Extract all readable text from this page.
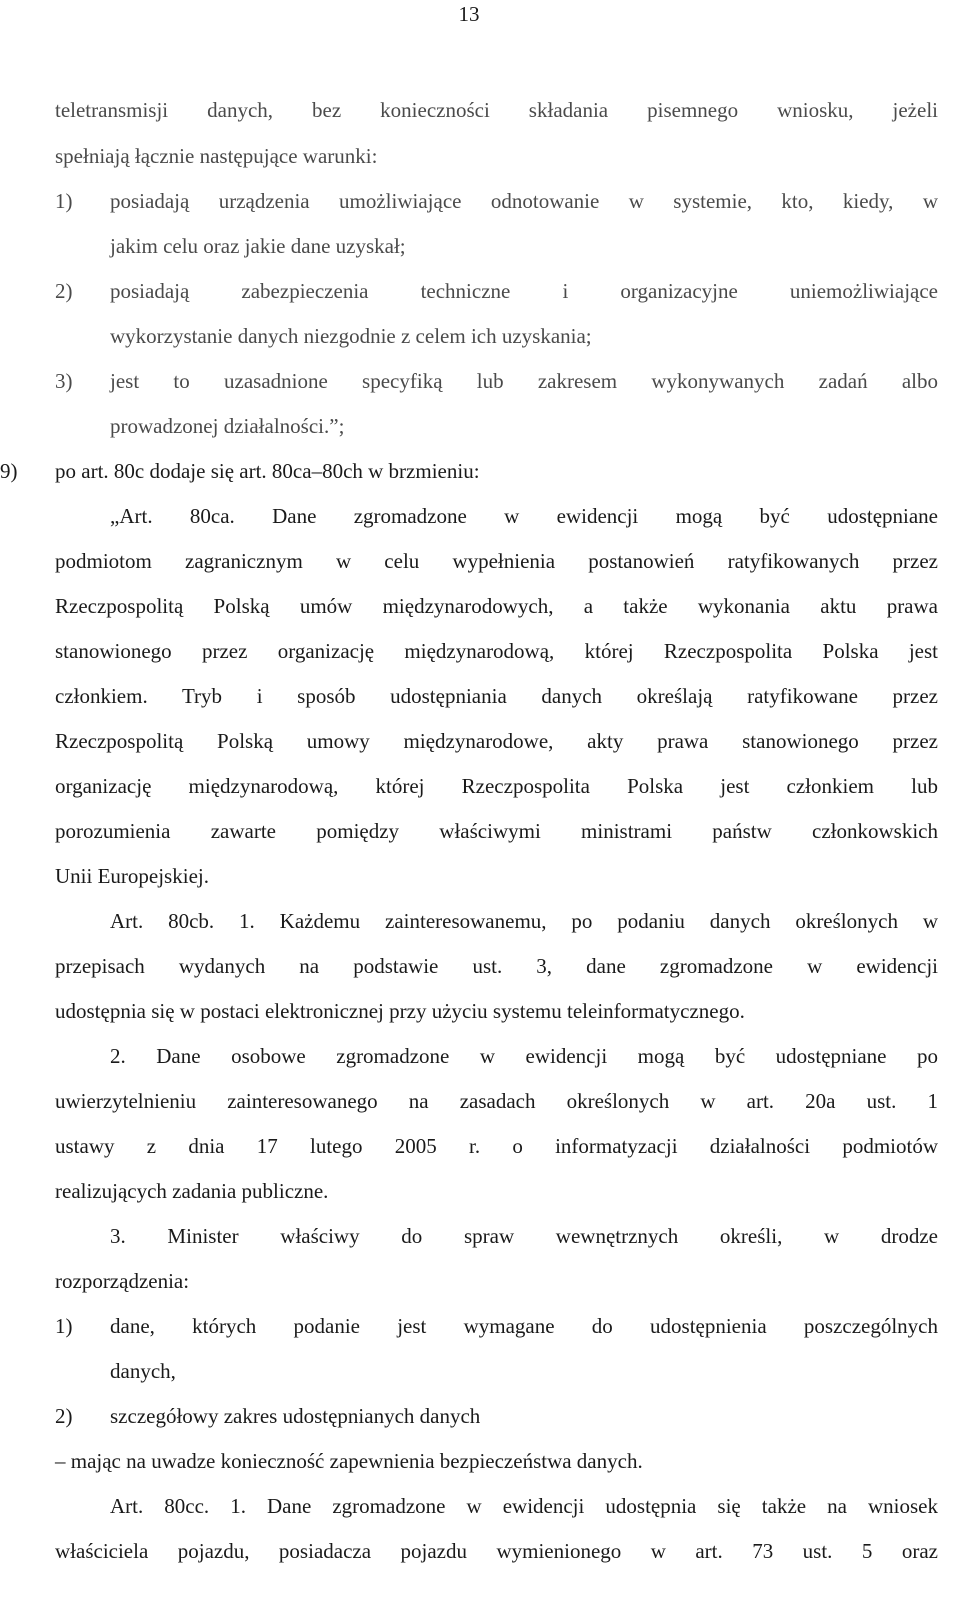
13
teletransmisji danych, bez konieczności składania pisemnego wniosku, jeżeli
spełniają łącznie następujące warunki:
1) posiadają urządzenia umożliwiające odnotowanie w systemie, kto, kiedy, w
jakim celu oraz jakie dane uzyskał;
2) posiadają zabezpieczenia techniczne i organizacyjne uniemożliwiające
wykorzystanie danych niezgodnie z celem ich uzyskania;
3) jest to uzasadnione specyfiką lub zakresem wykonywanych zadań albo
prowadzonej działalności.”;
9) po art. 80c dodaje się art. 80ca–80ch w brzmieniu:
„Art. 80ca. Dane zgromadzone w ewidencji mogą być udostępniane
podmiotom zagranicznym w celu wypełnienia postanowień ratyfikowanych przez
Rzeczpospolitą Polską umów międzynarodowych, a także wykonania aktu prawa
stanowionego przez organizację międzynarodową, której Rzeczpospolita Polska jest
członkiem. Tryb i sposób udostępniania danych określają ratyfikowane przez
Rzeczpospolitą Polską umowy międzynarodowe, akty prawa stanowionego przez
organizację międzynarodową, której Rzeczpospolita Polska jest członkiem lub
porozumienia zawarte pomiędzy właściwymi ministrami państw członkowskich
Unii Europejskiej.
Art. 80cb. 1. Każdemu zainteresowanemu, po podaniu danych określonych w
przepisach wydanych na podstawie ust. 3, dane zgromadzone w ewidencji
udostępnia się w postaci elektronicznej przy użyciu systemu teleinformatycznego.
2. Dane osobowe zgromadzone w ewidencji mogą być udostępniane po
uwierzytelnieniu zainteresowanego na zasadach określonych w art. 20a ust. 1
ustawy z dnia 17 lutego 2005 r. o informatyzacji działalności podmiotów
realizujących zadania publiczne.
3. Minister właściwy do spraw wewnętrznych określi, w drodze
rozporządzenia:
1) dane, których podanie jest wymagane do udostępnienia poszczególnych
danych,
2) szczegółowy zakres udostępnianych danych
– mając na uwadze konieczność zapewnienia bezpieczeństwa danych.
Art. 80cc. 1. Dane zgromadzone w ewidencji udostępnia się także na wniosek
właściciela pojazdu, posiadacza pojazdu wymienionego w art. 73 ust. 5 oraz
